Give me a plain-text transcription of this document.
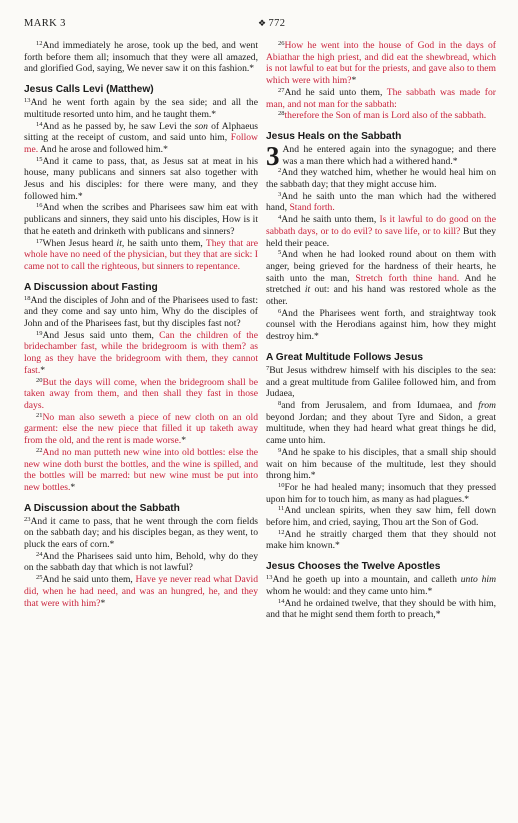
MARK 3	❖ 772

$^{12}$And immediately he arose, took up the bed, and went forth before them all; insomuch that they were all amazed, and glorified God, saying, We never saw it on this fashion.*

Jesus Calls Levi (Matthew)

$^{13}$And he went forth again by the sea side; and all the multitude resorted unto him, and he taught them.*

$^{14}$And as he passed by, he saw Levi the son of Alphaeus sitting at the receipt of custom, and said unto him, Follow me. And he arose and followed him.*

$^{15}$And it came to pass, that, as Jesus sat at meat in his house, many publicans and sinners sat also together with Jesus and his disciples: for there were many, and they followed him.*

$^{16}$And when the scribes and Pharisees saw him eat with publicans and sinners, they said unto his disciples, How is it that he eateth and drinketh with publicans and sinners?

$^{17}$When Jesus heard it, he saith unto them, They that are whole have no need of the physician, but they that are sick: I came not to call the righteous, but sinners to repentance.

A Discussion about Fasting

$^{18}$And the disciples of John and of the Pharisees used to fast: and they come and say unto him, Why do the disciples of John and of the Pharisees fast, but thy disciples fast not?

$^{19}$And Jesus said unto them, Can the children of the bridechamber fast, while the bridegroom is with them? as long as they have the bridegroom with them, they cannot fast.*

$^{20}$But the days will come, when the bridegroom shall be taken away from them, and then shall they fast in those days.

$^{21}$No man also seweth a piece of new cloth on an old garment: else the new piece that filled it up taketh away from the old, and the rent is made worse.*

$^{22}$And no man putteth new wine into old bottles: else the new wine doth burst the bottles, and the wine is spilled, and the bottles will be marred: but new wine must be put into new bottles.*

A Discussion about the Sabbath

$^{23}$And it came to pass, that he went through the corn fields on the sabbath day; and his disciples began, as they went, to pluck the ears of corn.*

$^{24}$And the Pharisees said unto him, Behold, why do they on the sabbath day that which is not lawful?

$^{25}$And he said unto them, Have ye never read what David did, when he had need, and was an hungred, he, and they that were with him?*

$^{26}$How he went into the house of God in the days of Abiathar the high priest, and did eat the shewbread, which is not lawful to eat but for the priests, and gave also to them which were with him?*

$^{27}$And he said unto them, The sabbath was made for man, and not man for the sabbath:

$^{28}$therefore the Son of man is Lord also of the sabbath.

Jesus Heals on the Sabbath

3 And he entered again into the synagogue; and there was a man there which had a withered hand.*

$^2$And they watched him, whether he would heal him on the sabbath day; that they might accuse him.

$^3$And he saith unto the man which had the withered hand, Stand forth.

$^4$And he saith unto them, Is it lawful to do good on the sabbath days, or to do evil? to save life, or to kill? But they held their peace.

$^5$And when he had looked round about on them with anger, being grieved for the hardness of their hearts, he saith unto the man, Stretch forth thine hand. And he stretched it out: and his hand was restored whole as the other.

$^6$And the Pharisees went forth, and straightway took counsel with the Herodians against him, how they might destroy him.*

A Great Multitude Follows Jesus

$^7$But Jesus withdrew himself with his disciples to the sea: and a great multitude from Galilee followed him, and from Judaea,

$^8$and from Jerusalem, and from Idumaea, and from beyond Jordan; and they about Tyre and Sidon, a great multitude, when they had heard what great things he did, came unto him.

$^9$And he spake to his disciples, that a small ship should wait on him because of the multitude, lest they should throng him.*

$^{10}$For he had healed many; insomuch that they pressed upon him for to touch him, as many as had plagues.*

$^{11}$And unclean spirits, when they saw him, fell down before him, and cried, saying, Thou art the Son of God.

$^{12}$And he straitly charged them that they should not make him known.*

Jesus Chooses the Twelve Apostles

$^{13}$And he goeth up into a mountain, and calleth unto him whom he would: and they came unto him.*

$^{14}$And he ordained twelve, that they should be with him, and that he might send them forth to preach,*
